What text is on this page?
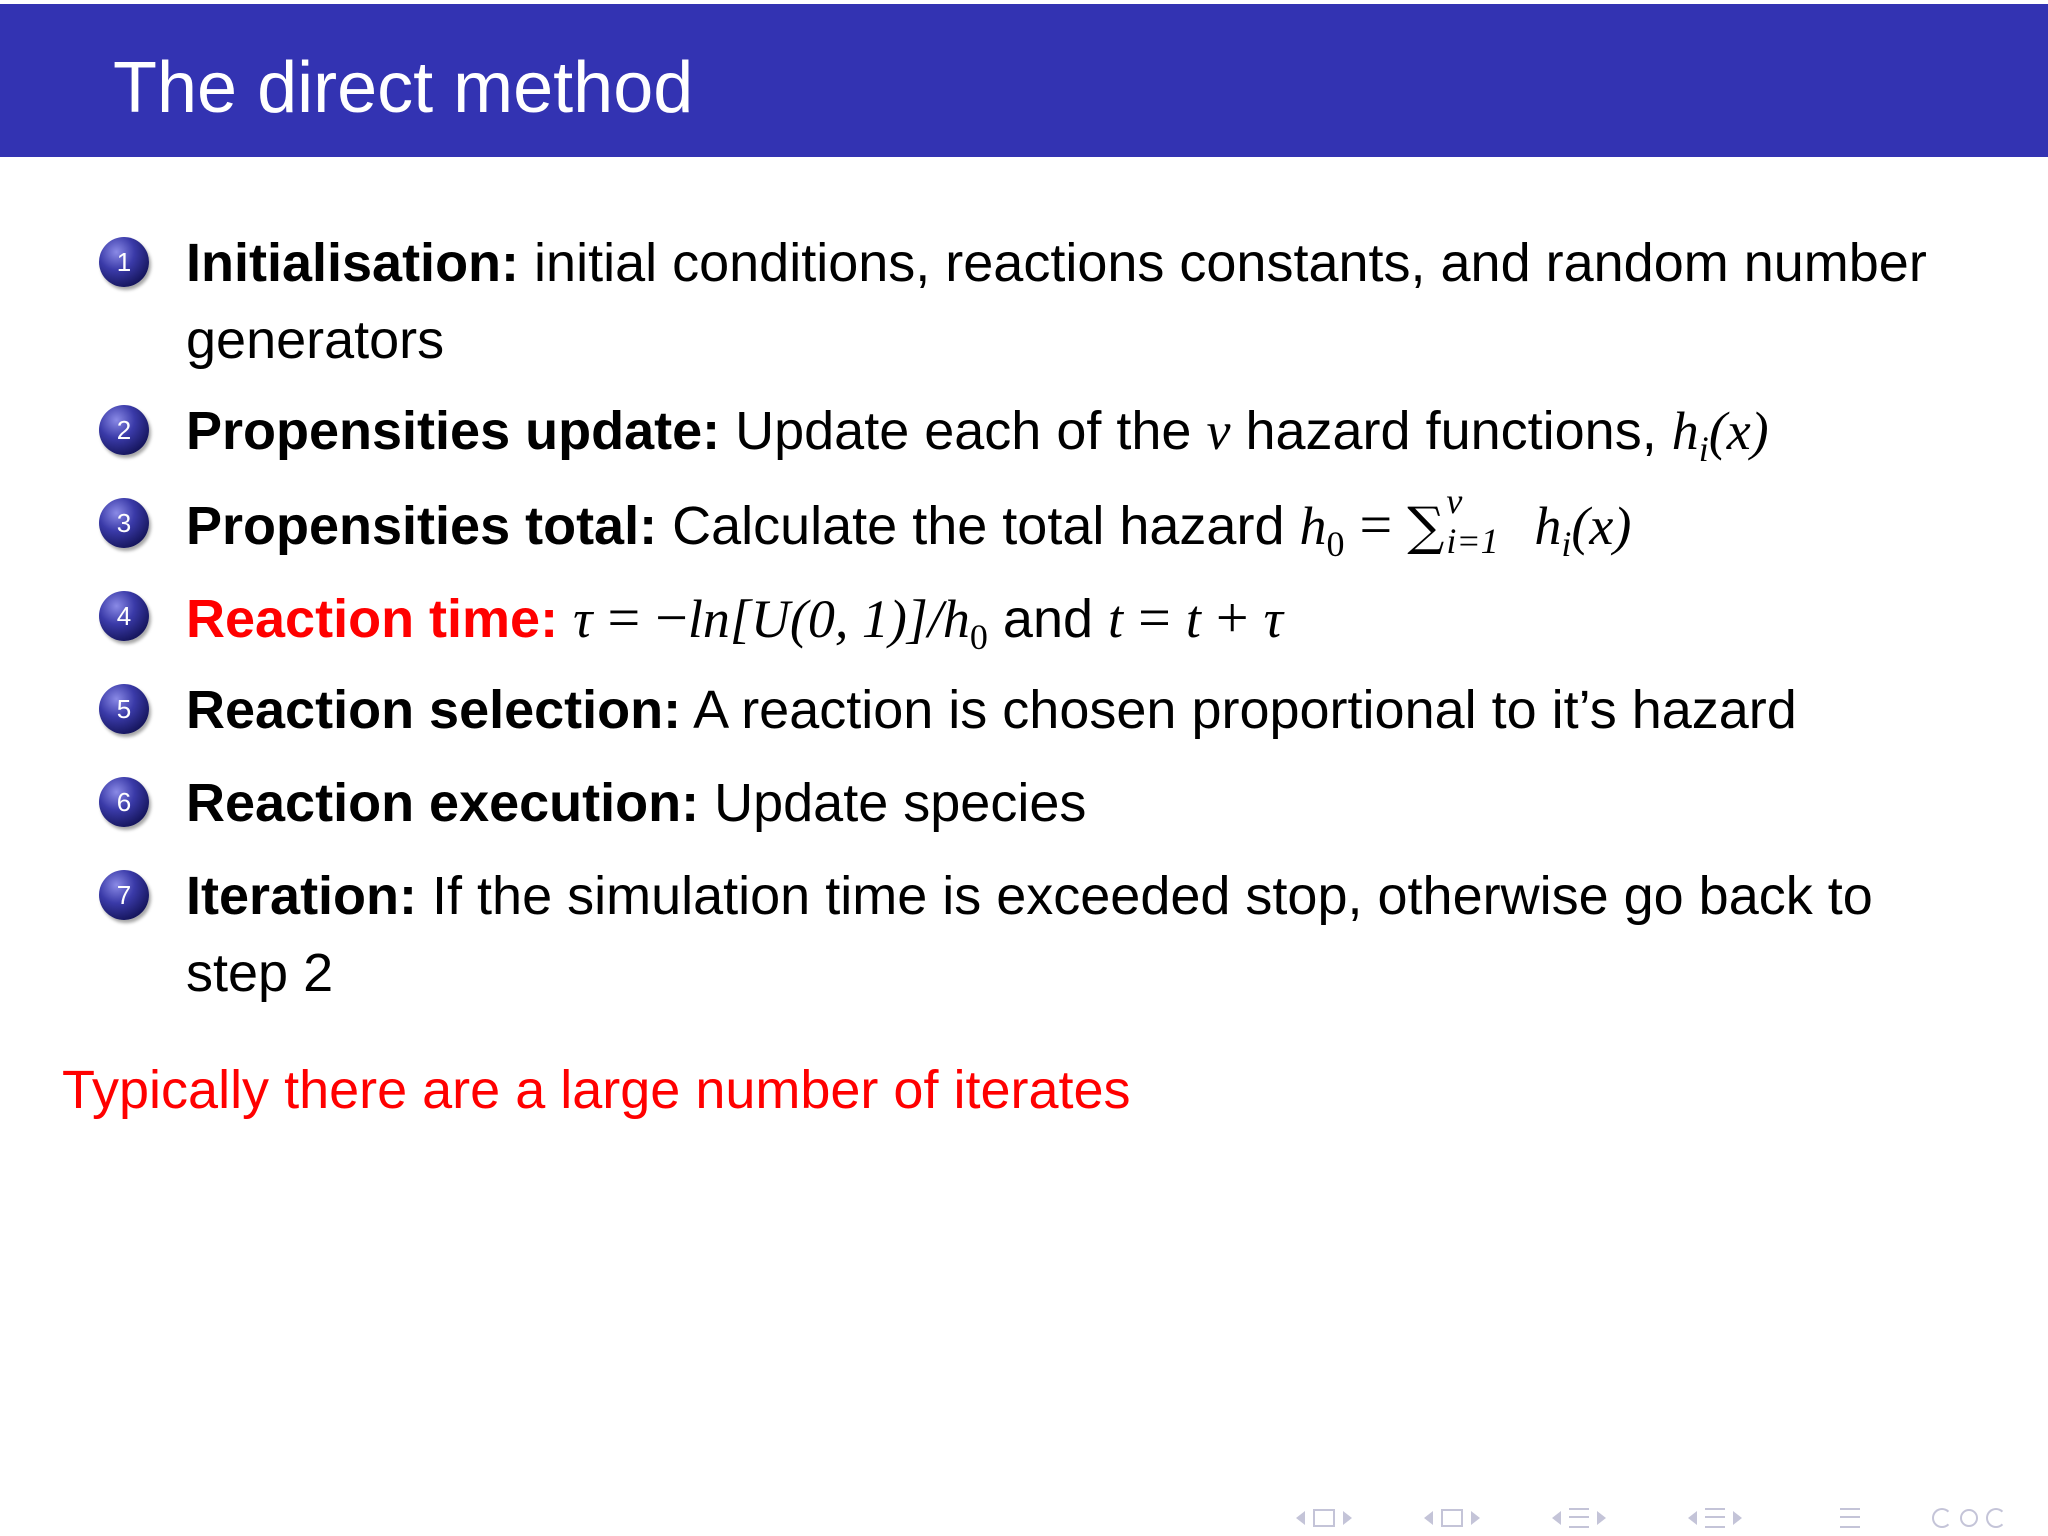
The direct method
1	Initialisation: initial conditions, reactions constants, and random number
generators
2	Propensities update: Update each of the v hazard functions, $h_i(x)$
3	Propensities total: Calculate the total hazard $h_0$ = ∑ v
i=1 $h_i(x)$
4	Reaction time: τ = −ln[U(0, $1)]/h_0$ and t = t + τ
5	Reaction selection: A reaction is chosen proportional to it’s hazard
6	Reaction execution: Update species
7	Iteration: If the simulation time is exceeded stop, otherwise go back to
step 2
Typically there are a large number of iterates
